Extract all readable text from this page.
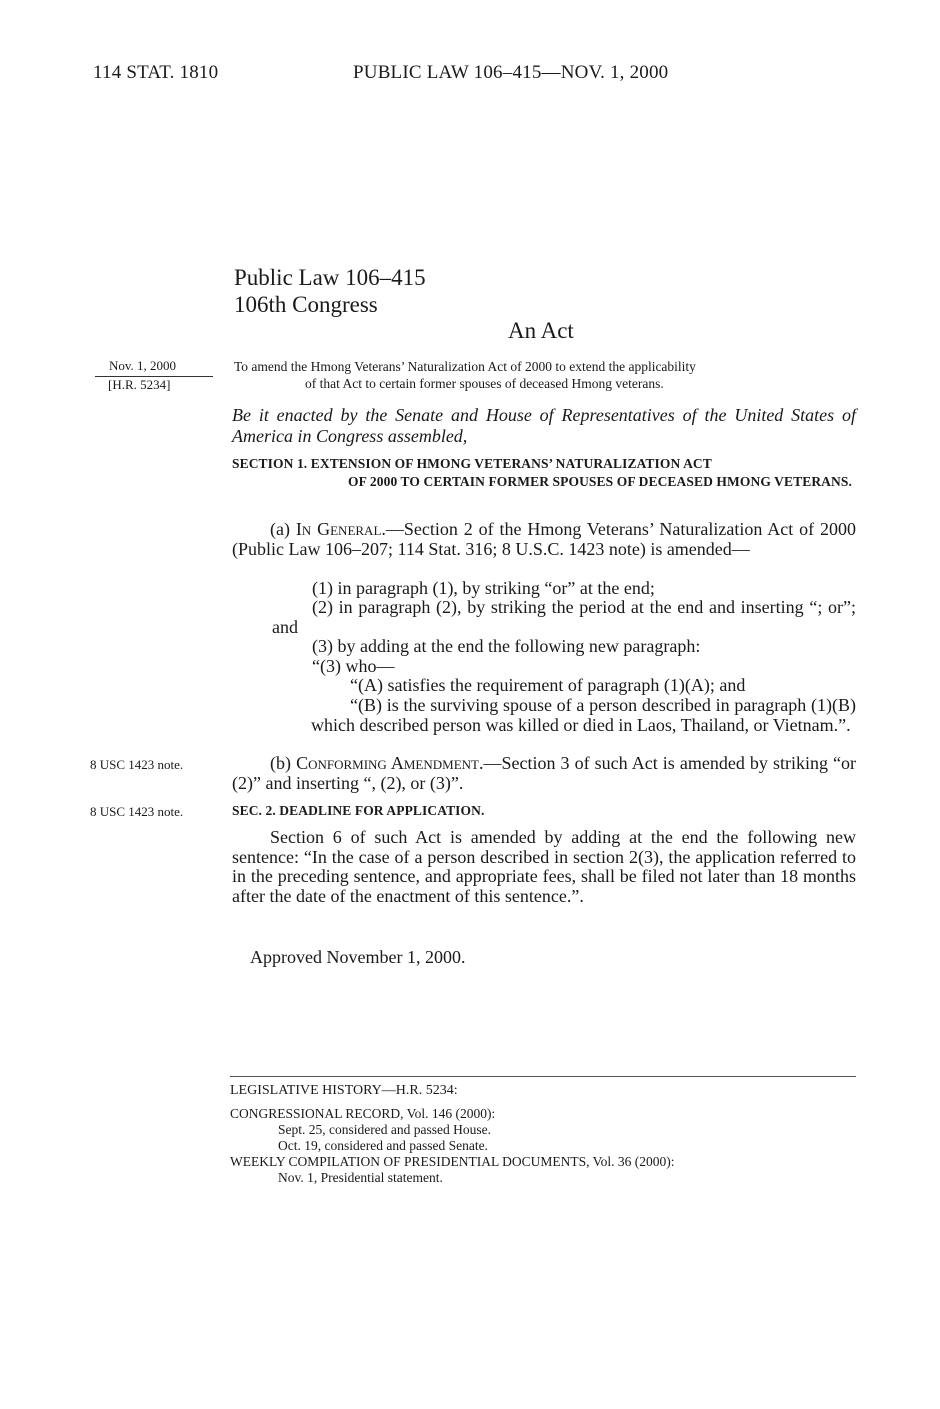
114 STAT. 1810	PUBLIC LAW 106–415—NOV. 1, 2000
Public Law 106–415
106th Congress
An Act
Nov. 1, 2000
[H.R. 5234]
8 USC 1423 note.
8 USC 1423 note.
To amend the Hmong Veterans’ Naturalization Act of 2000 to extend the applicability
of that Act to certain former spouses of deceased Hmong veterans.
Be it enacted by the Senate and House of Representatives of the United States of America in Congress assembled,
SECTION 1. EXTENSION OF HMONG VETERANS’ NATURALIZATION ACT
OF 2000 TO CERTAIN FORMER SPOUSES OF DECEASED HMONG VETERANS.
(a) In General.—Section 2 of the Hmong Veterans’ Naturalization Act of 2000 (Public Law 106–207; 114 Stat. 316; 8 U.S.C. 1423 note) is amended—
(1) in paragraph (1), by striking “or” at the end;
(2) in paragraph (2), by striking the period at the end and inserting “; or”; and
(3) by adding at the end the following new paragraph:
“(3) who—
“(A) satisfies the requirement of paragraph (1)(A); and
“(B) is the surviving spouse of a person described in paragraph (1)(B) which described person was killed or died in Laos, Thailand, or Vietnam.”.
(b) Conforming Amendment.—Section 3 of such Act is amended by striking “or (2)” and inserting “, (2), or (3)”.
SEC. 2. DEADLINE FOR APPLICATION.
Section 6 of such Act is amended by adding at the end the following new sentence: “In the case of a person described in section 2(3), the application referred to in the preceding sentence, and appropriate fees, shall be filed not later than 18 months after the date of the enactment of this sentence.”.
Approved November 1, 2000.
LEGISLATIVE HISTORY—H.R. 5234:
CONGRESSIONAL RECORD, Vol. 146 (2000):
Sept. 25, considered and passed House.
Oct. 19, considered and passed Senate.
WEEKLY COMPILATION OF PRESIDENTIAL DOCUMENTS, Vol. 36 (2000):
Nov. 1, Presidential statement.
